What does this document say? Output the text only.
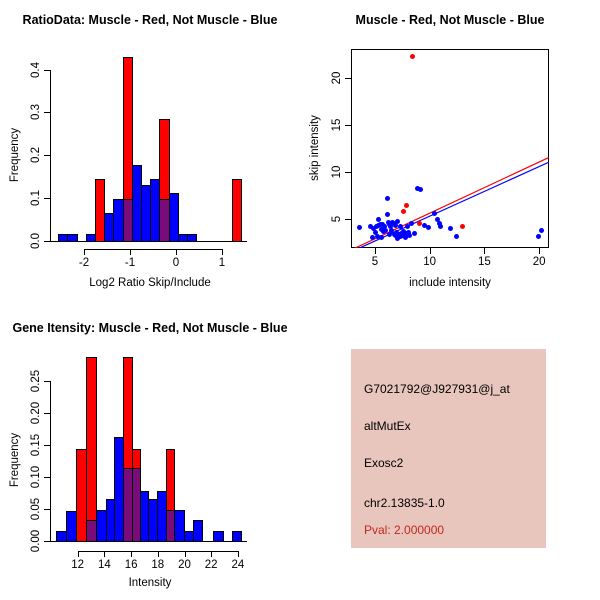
RatioData: Muscle - Red, Not Muscle - Blue	Muscle - Red, Not Muscle - Blue
Gene Itensity: Muscle - Red, Not Muscle - Blue
Log2 Ratio Skip/Include	include intensity
Intensity
Frequency	skip intensity
Frequency
0.0
0.1
0.2
0.3
0.4
-2	-1	0	1	5	10	15	20
5
10
15
20
0.00
0.05
0.10
0.15
0.20
0.25
12	14	16	18	20	22	24
G7021792@J927931@j_at
altMutEx
Exosc2
chr2.13835-1.0
Pval: 2.000000
